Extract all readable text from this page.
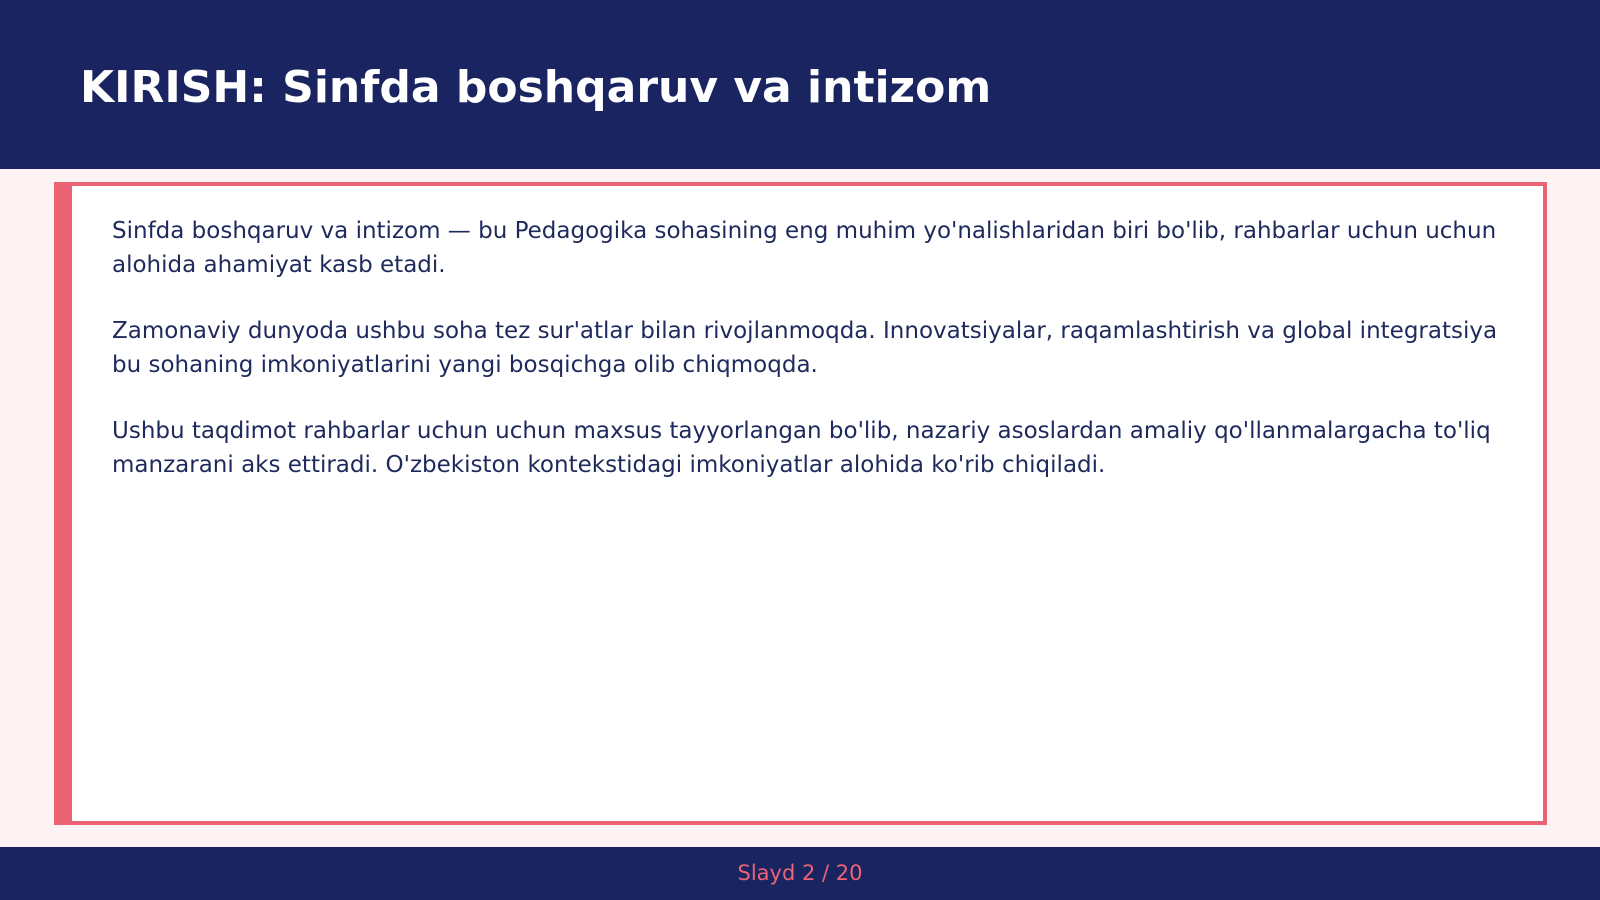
KIRISH: Sinfda boshqaruv va intizom

Sinfda boshqaruv va intizom — bu Pedagogika sohasining eng muhim yo'nalishlaridan biri bo'lib, rahbarlar uchun uchun alohida ahamiyat kasb etadi.

Zamonaviy dunyoda ushbu soha tez sur'atlar bilan rivojlanmoqda. Innovatsiyalar, raqamlashtirish va global integratsiya bu sohaning imkoniyatlarini yangi bosqichga olib chiqmoqda.

Ushbu taqdimot rahbarlar uchun uchun maxsus tayyorlangan bo'lib, nazariy asoslardan amaliy qo'llanmalargacha to'liq manzarani aks ettiradi. O'zbekiston kontekstidagi imkoniyatlar alohida ko'rib chiqiladi.

Slayd 2 / 20
